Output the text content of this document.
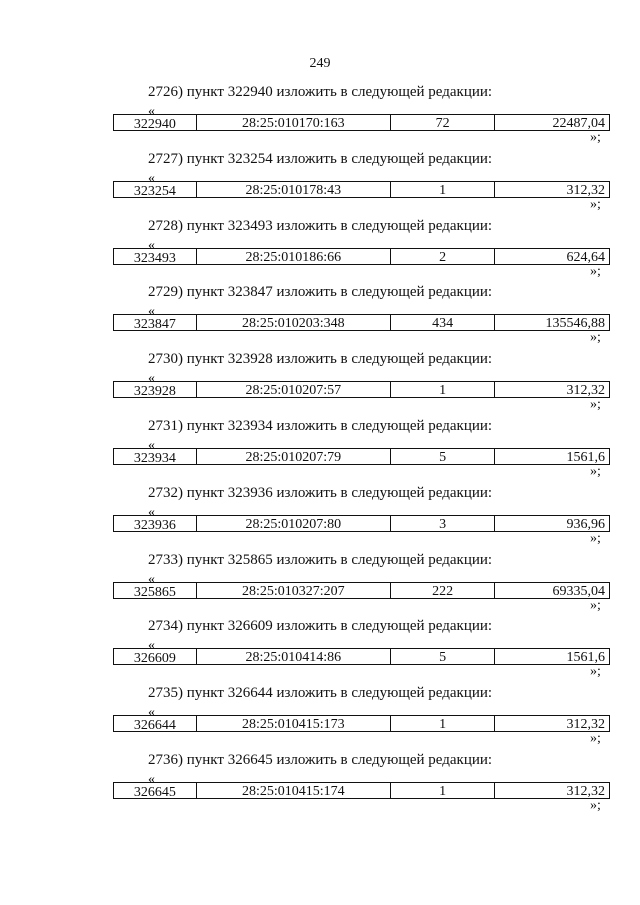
249
2726) пункт 322940 изложить в следующей редакции:
«
322940	28:25:010170:163	72	22487,04
»;
2727) пункт 323254 изложить в следующей редакции:
«
323254	28:25:010178:43	1	312,32
»;
2728) пункт 323493 изложить в следующей редакции:
«
323493	28:25:010186:66	2	624,64
»;
2729) пункт 323847 изложить в следующей редакции:
«
323847	28:25:010203:348	434	135546,88
»;
2730) пункт 323928 изложить в следующей редакции:
«
323928	28:25:010207:57	1	312,32
»;
2731) пункт 323934 изложить в следующей редакции:
«
323934	28:25:010207:79	5	1561,6
»;
2732) пункт 323936 изложить в следующей редакции:
«
323936	28:25:010207:80	3	936,96
»;
2733) пункт 325865 изложить в следующей редакции:
«
325865	28:25:010327:207	222	69335,04
»;
2734) пункт 326609 изложить в следующей редакции:
«
326609	28:25:010414:86	5	1561,6
»;
2735) пункт 326644 изложить в следующей редакции:
«
326644	28:25:010415:173	1	312,32
»;
2736) пункт 326645 изложить в следующей редакции:
«
326645	28:25:010415:174	1	312,32
»;
